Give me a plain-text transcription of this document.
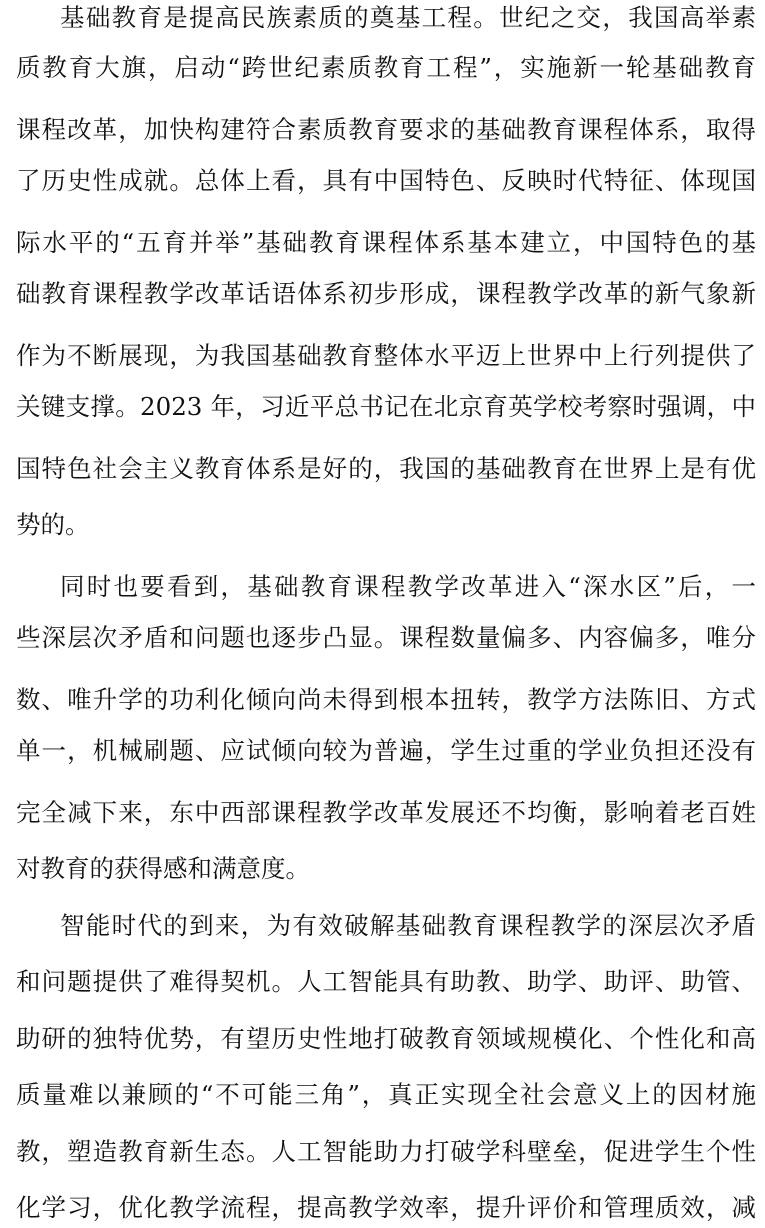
基础教育是提高民族素质的奠基工程。世纪之交，我国高举素
质教育大旗，启动“跨世纪素质教育工程”，实施新一轮基础教育
课程改革，加快构建符合素质教育要求的基础教育课程体系，取得
了历史性成就。总体上看，具有中国特色、反映时代特征、体现国
际水平的“五育并举”基础教育课程体系基本建立，中国特色的基
础教育课程教学改革话语体系初步形成，课程教学改革的新气象新
作为不断展现，为我国基础教育整体水平迈上世界中上行列提供了
关键支撑。2023 年，习近平总书记在北京育英学校考察时强调，中
国特色社会主义教育体系是好的，我国的基础教育在世界上是有优
势的。
同时也要看到，基础教育课程教学改革进入“深水区”后，一
些深层次矛盾和问题也逐步凸显。课程数量偏多、内容偏多，唯分
数、唯升学的功利化倾向尚未得到根本扭转，教学方法陈旧、方式
单一，机械刷题、应试倾向较为普遍，学生过重的学业负担还没有
完全减下来，东中西部课程教学改革发展还不均衡，影响着老百姓
对教育的获得感和满意度。
智能时代的到来，为有效破解基础教育课程教学的深层次矛盾
和问题提供了难得契机。人工智能具有助教、助学、助评、助管、
助研的独特优势，有望历史性地打破教育领域规模化、个性化和高
质量难以兼顾的“不可能三角”，真正实现全社会意义上的因材施
教，塑造教育新生态。人工智能助力打破学科壁垒，促进学生个性
化学习，优化教学流程，提高教学效率，提升评价和管理质效，减
